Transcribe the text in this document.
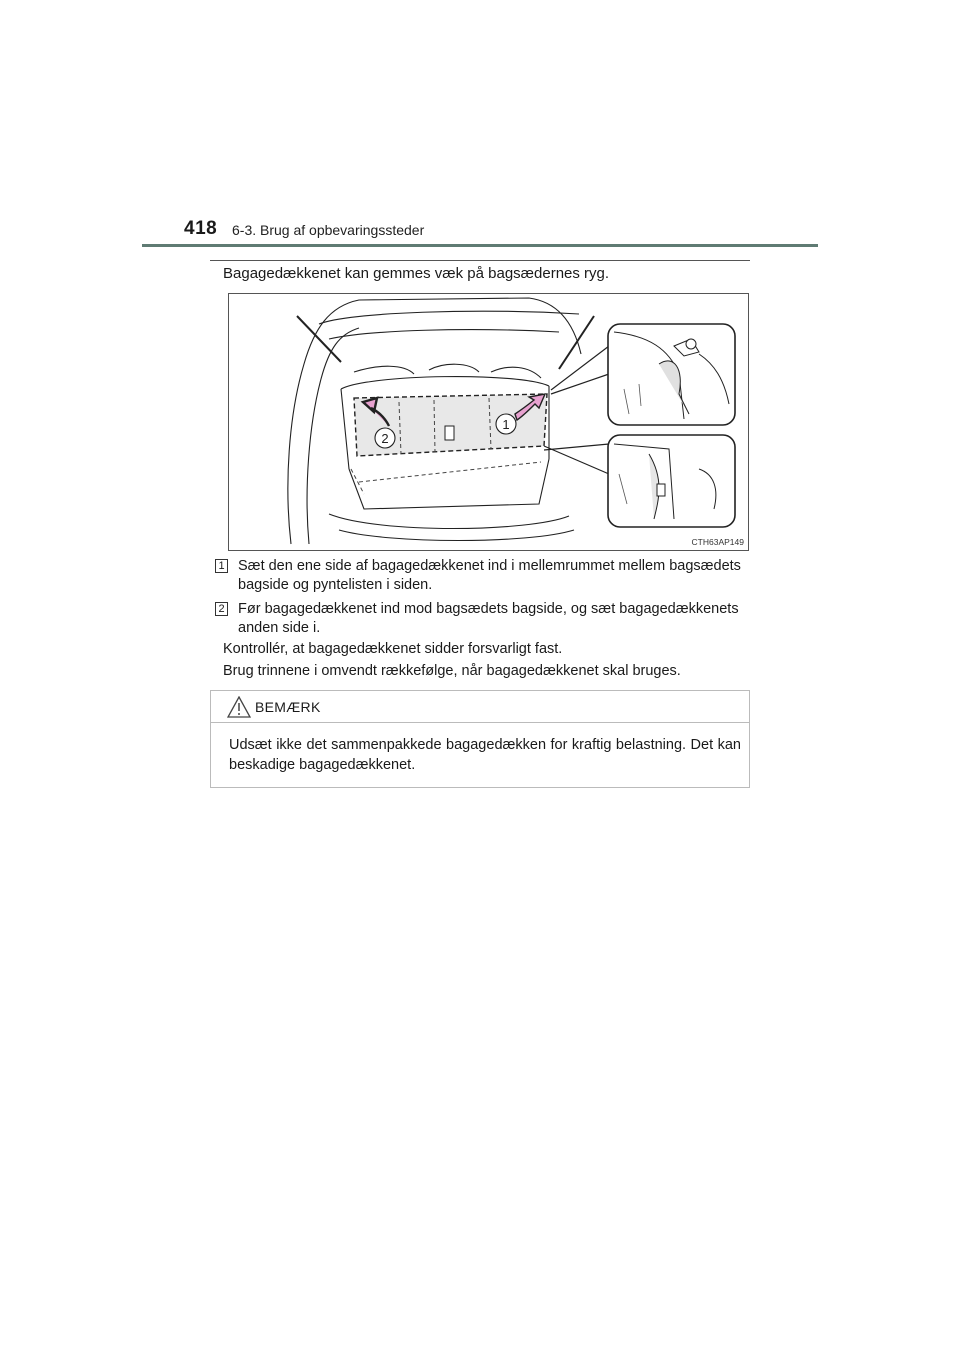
418 6-3. Brug af opbevaringssteder
Bagagedækkenet kan gemmes væk på bagsædernes ryg.
1
2
CTH63AP149
1 Sæt den ene side af bagagedækkenet ind i mellemrummet mellem bagsædets bagside og pyntelisten i siden.
2 Før bagagedækkenet ind mod bagsædets bagside, og sæt bagagedækkenets anden side i.
Kontrollér, at bagagedækkenet sidder forsvarligt fast.
Brug trinnene i omvendt rækkefølge, når bagagedækkenet skal bruges.
BEMÆRK
Udsæt ikke det sammenpakkede bagagedækken for kraftig belastning. Det kan beskadige bagagedækkenet.
